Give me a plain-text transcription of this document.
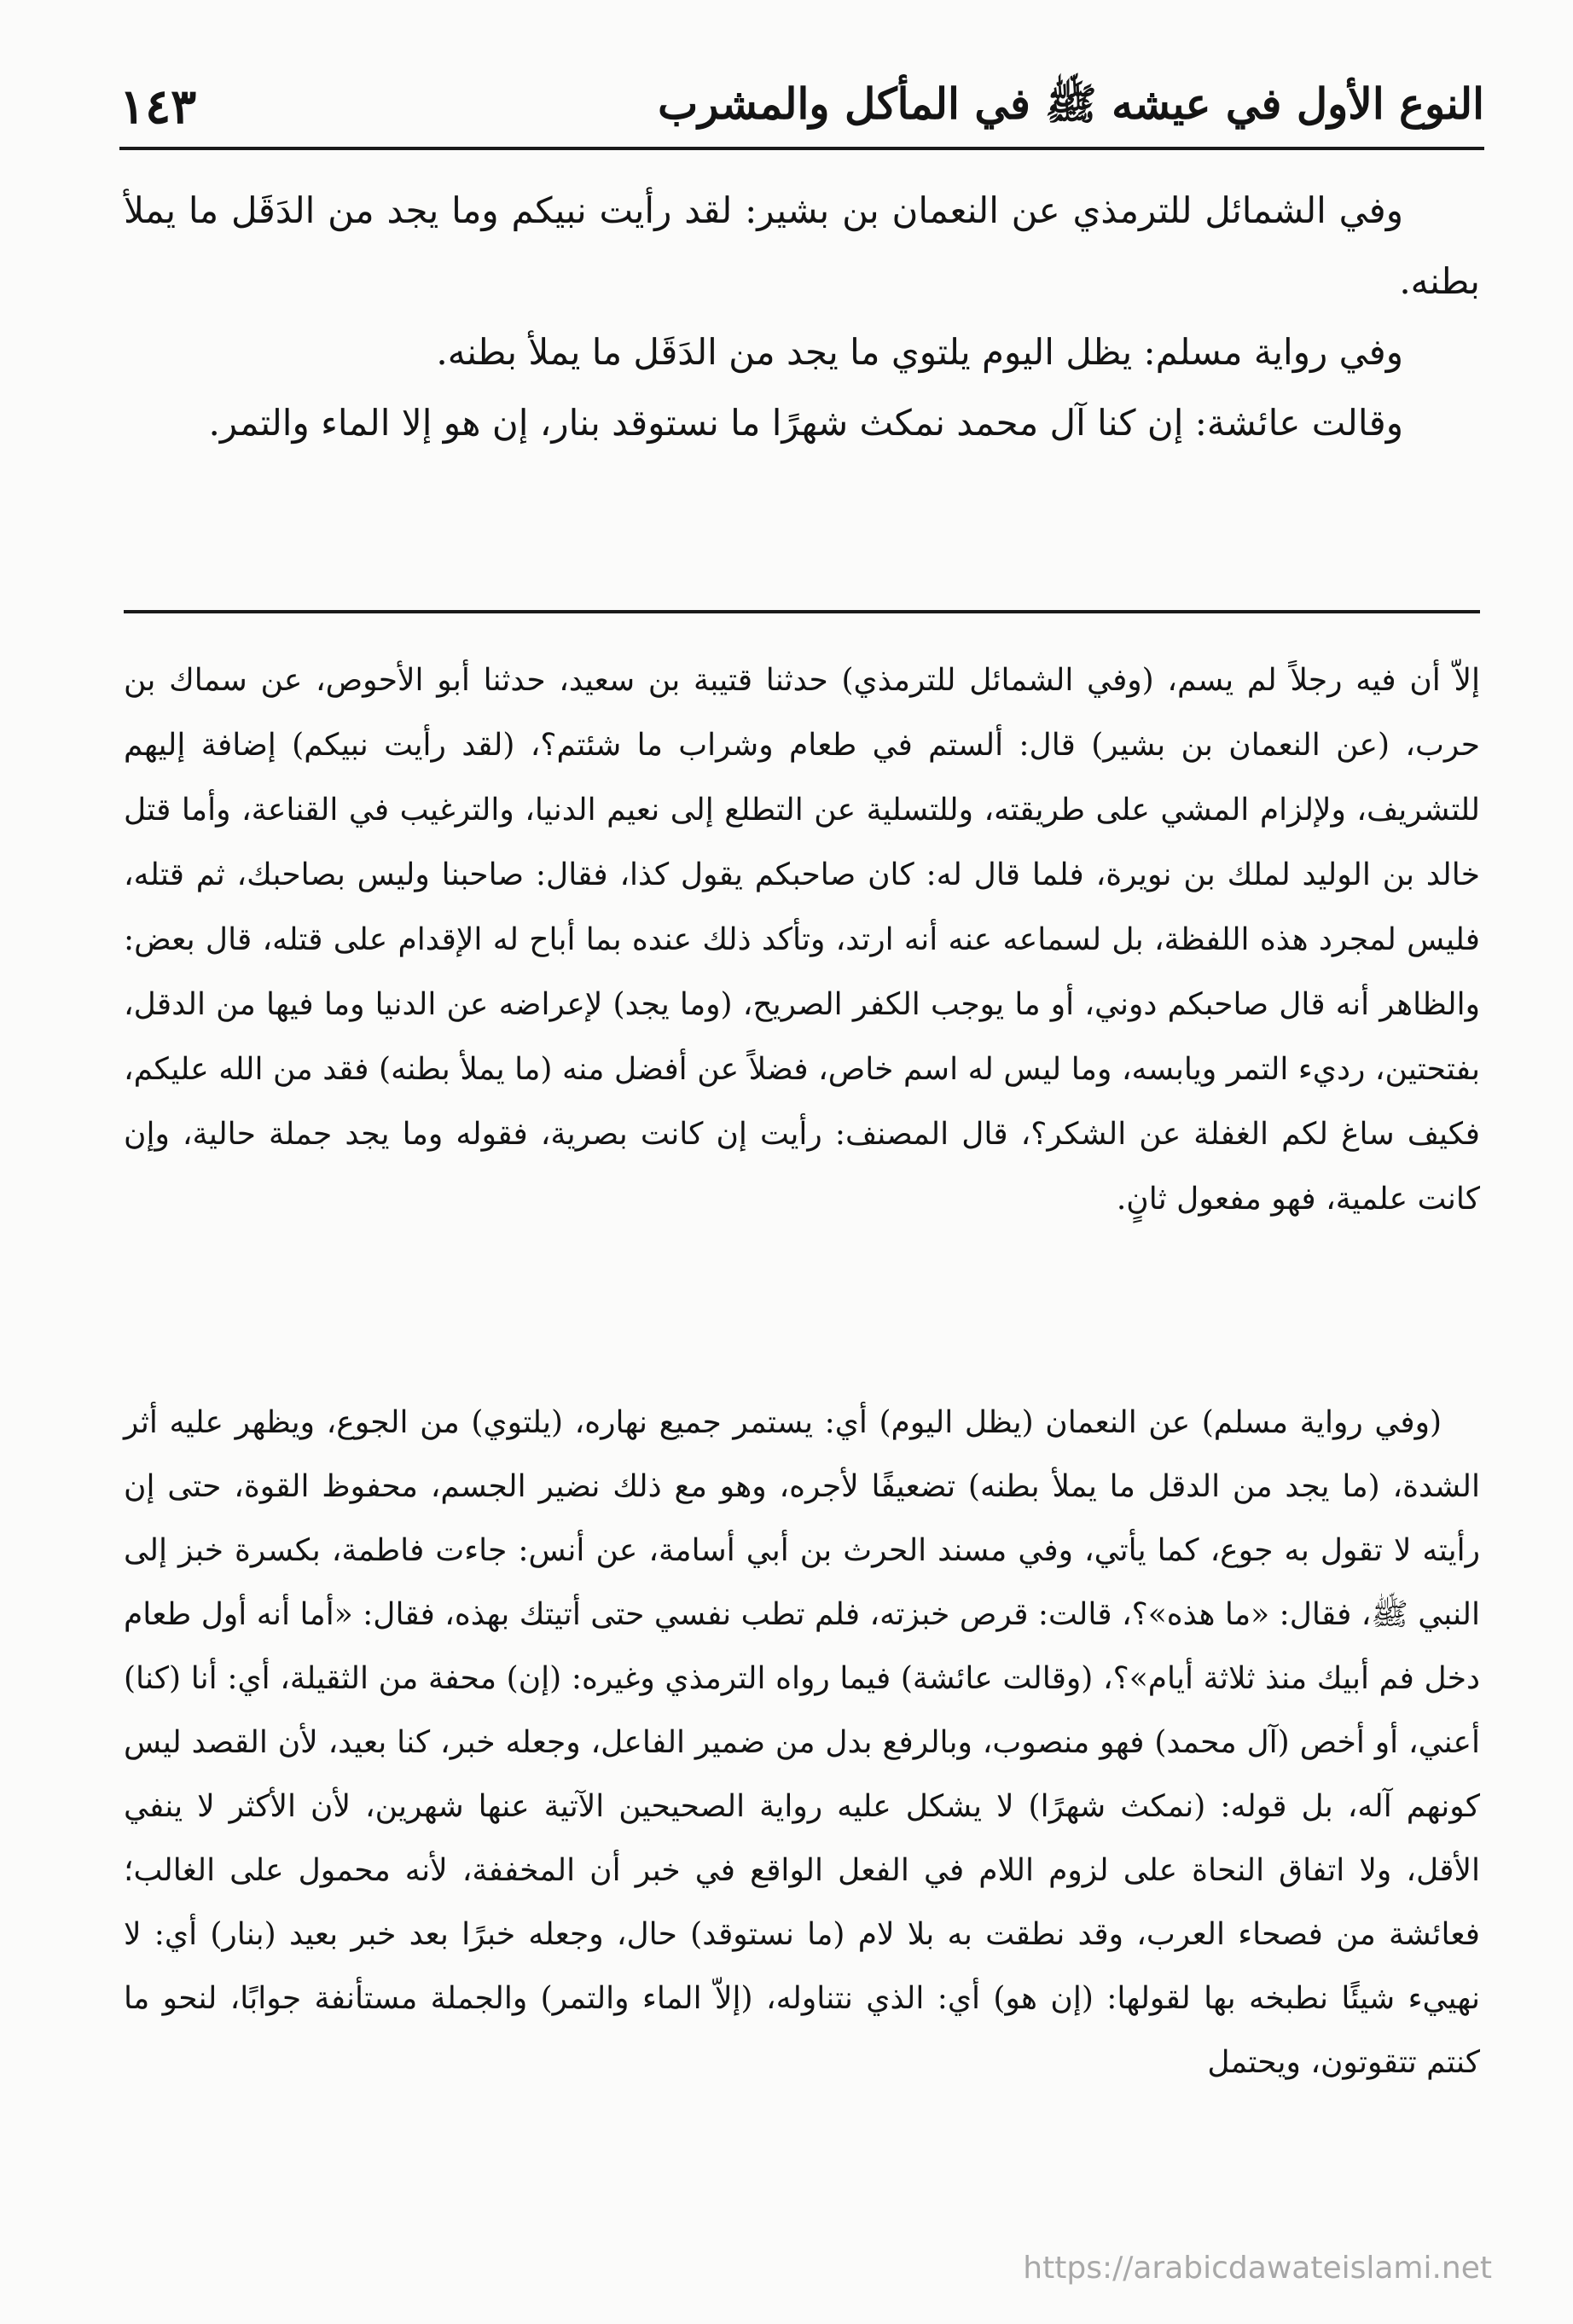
النوع الأول في عيشه ﷺ في المأكل والمشرب
١٤٣

وفي الشمائل للترمذي عن النعمان بن بشير: لقد رأيت نبيكم وما يجد من الدَقَل ما يملأ بطنه.

وفي رواية مسلم: يظل اليوم يلتوي ما يجد من الدَقَل ما يملأ بطنه.

وقالت عائشة: إن كنا آل محمد نمكث شهرًا ما نستوقد بنار، إن هو إلا الماء والتمر.

إلاّ أن فيه رجلاً لم يسم، (وفي الشمائل للترمذي) حدثنا قتيبة بن سعيد، حدثنا أبو الأحوص، عن سماك بن حرب، (عن النعمان بن بشير) قال: ألستم في طعام وشراب ما شئتم؟، (لقد رأيت نبيكم) إضافة إليهم للتشريف، ولإلزام المشي على طريقته، وللتسلية عن التطلع إلى نعيم الدنيا، والترغيب في القناعة، وأما قتل خالد بن الوليد لملك بن نويرة، فلما قال له: كان صاحبكم يقول كذا، فقال: صاحبنا وليس بصاحبك، ثم قتله، فليس لمجرد هذه اللفظة، بل لسماعه عنه أنه ارتد، وتأكد ذلك عنده بما أباح له الإقدام على قتله، قال بعض: والظاهر أنه قال صاحبكم دوني، أو ما يوجب الكفر الصريح، (وما يجد) لإعراضه عن الدنيا وما فيها من الدقل، بفتحتين، رديء التمر ويابسه، وما ليس له اسم خاص، فضلاً عن أفضل منه (ما يملأ بطنه) فقد من الله عليكم، فكيف ساغ لكم الغفلة عن الشكر؟، قال المصنف: رأيت إن كانت بصرية، فقوله وما يجد جملة حالية، وإن كانت علمية، فهو مفعول ثانٍ.

(وفي رواية مسلم) عن النعمان (يظل اليوم) أي: يستمر جميع نهاره، (يلتوي) من الجوع، ويظهر عليه أثر الشدة، (ما يجد من الدقل ما يملأ بطنه) تضعيفًا لأجره، وهو مع ذلك نضير الجسم، محفوظ القوة، حتى إن رأيته لا تقول به جوع، كما يأتي، وفي مسند الحرث بن أبي أسامة، عن أنس: جاءت فاطمة، بكسرة خبز إلى النبي ﷺ، فقال: «ما هذه»؟، قالت: قرص خبزته، فلم تطب نفسي حتى أتيتك بهذه، فقال: «أما أنه أول طعام دخل فم أبيك منذ ثلاثة أيام»؟، (وقالت عائشة) فيما رواه الترمذي وغيره: (إن) محفة من الثقيلة، أي: أنا (كنا) أعني، أو أخص (آل محمد) فهو منصوب، وبالرفع بدل من ضمير الفاعل، وجعله خبر، كنا بعيد، لأن القصد ليس كونهم آله، بل قوله: (نمكث شهرًا) لا يشكل عليه رواية الصحيحين الآتية عنها شهرين، لأن الأكثر لا ينفي الأقل، ولا اتفاق النحاة على لزوم اللام في الفعل الواقع في خبر أن المخففة، لأنه محمول على الغالب؛ فعائشة من فصحاء العرب، وقد نطقت به بلا لام (ما نستوقد) حال، وجعله خبرًا بعد خبر بعيد (بنار) أي: لا نهييء شيئًا نطبخه بها لقولها: (إن هو) أي: الذي نتناوله، (إلاّ الماء والتمر) والجملة مستأنفة جوابًا، لنحو ما كنتم تتقوتون، ويحتمل

https://arabicdawateislami.net
